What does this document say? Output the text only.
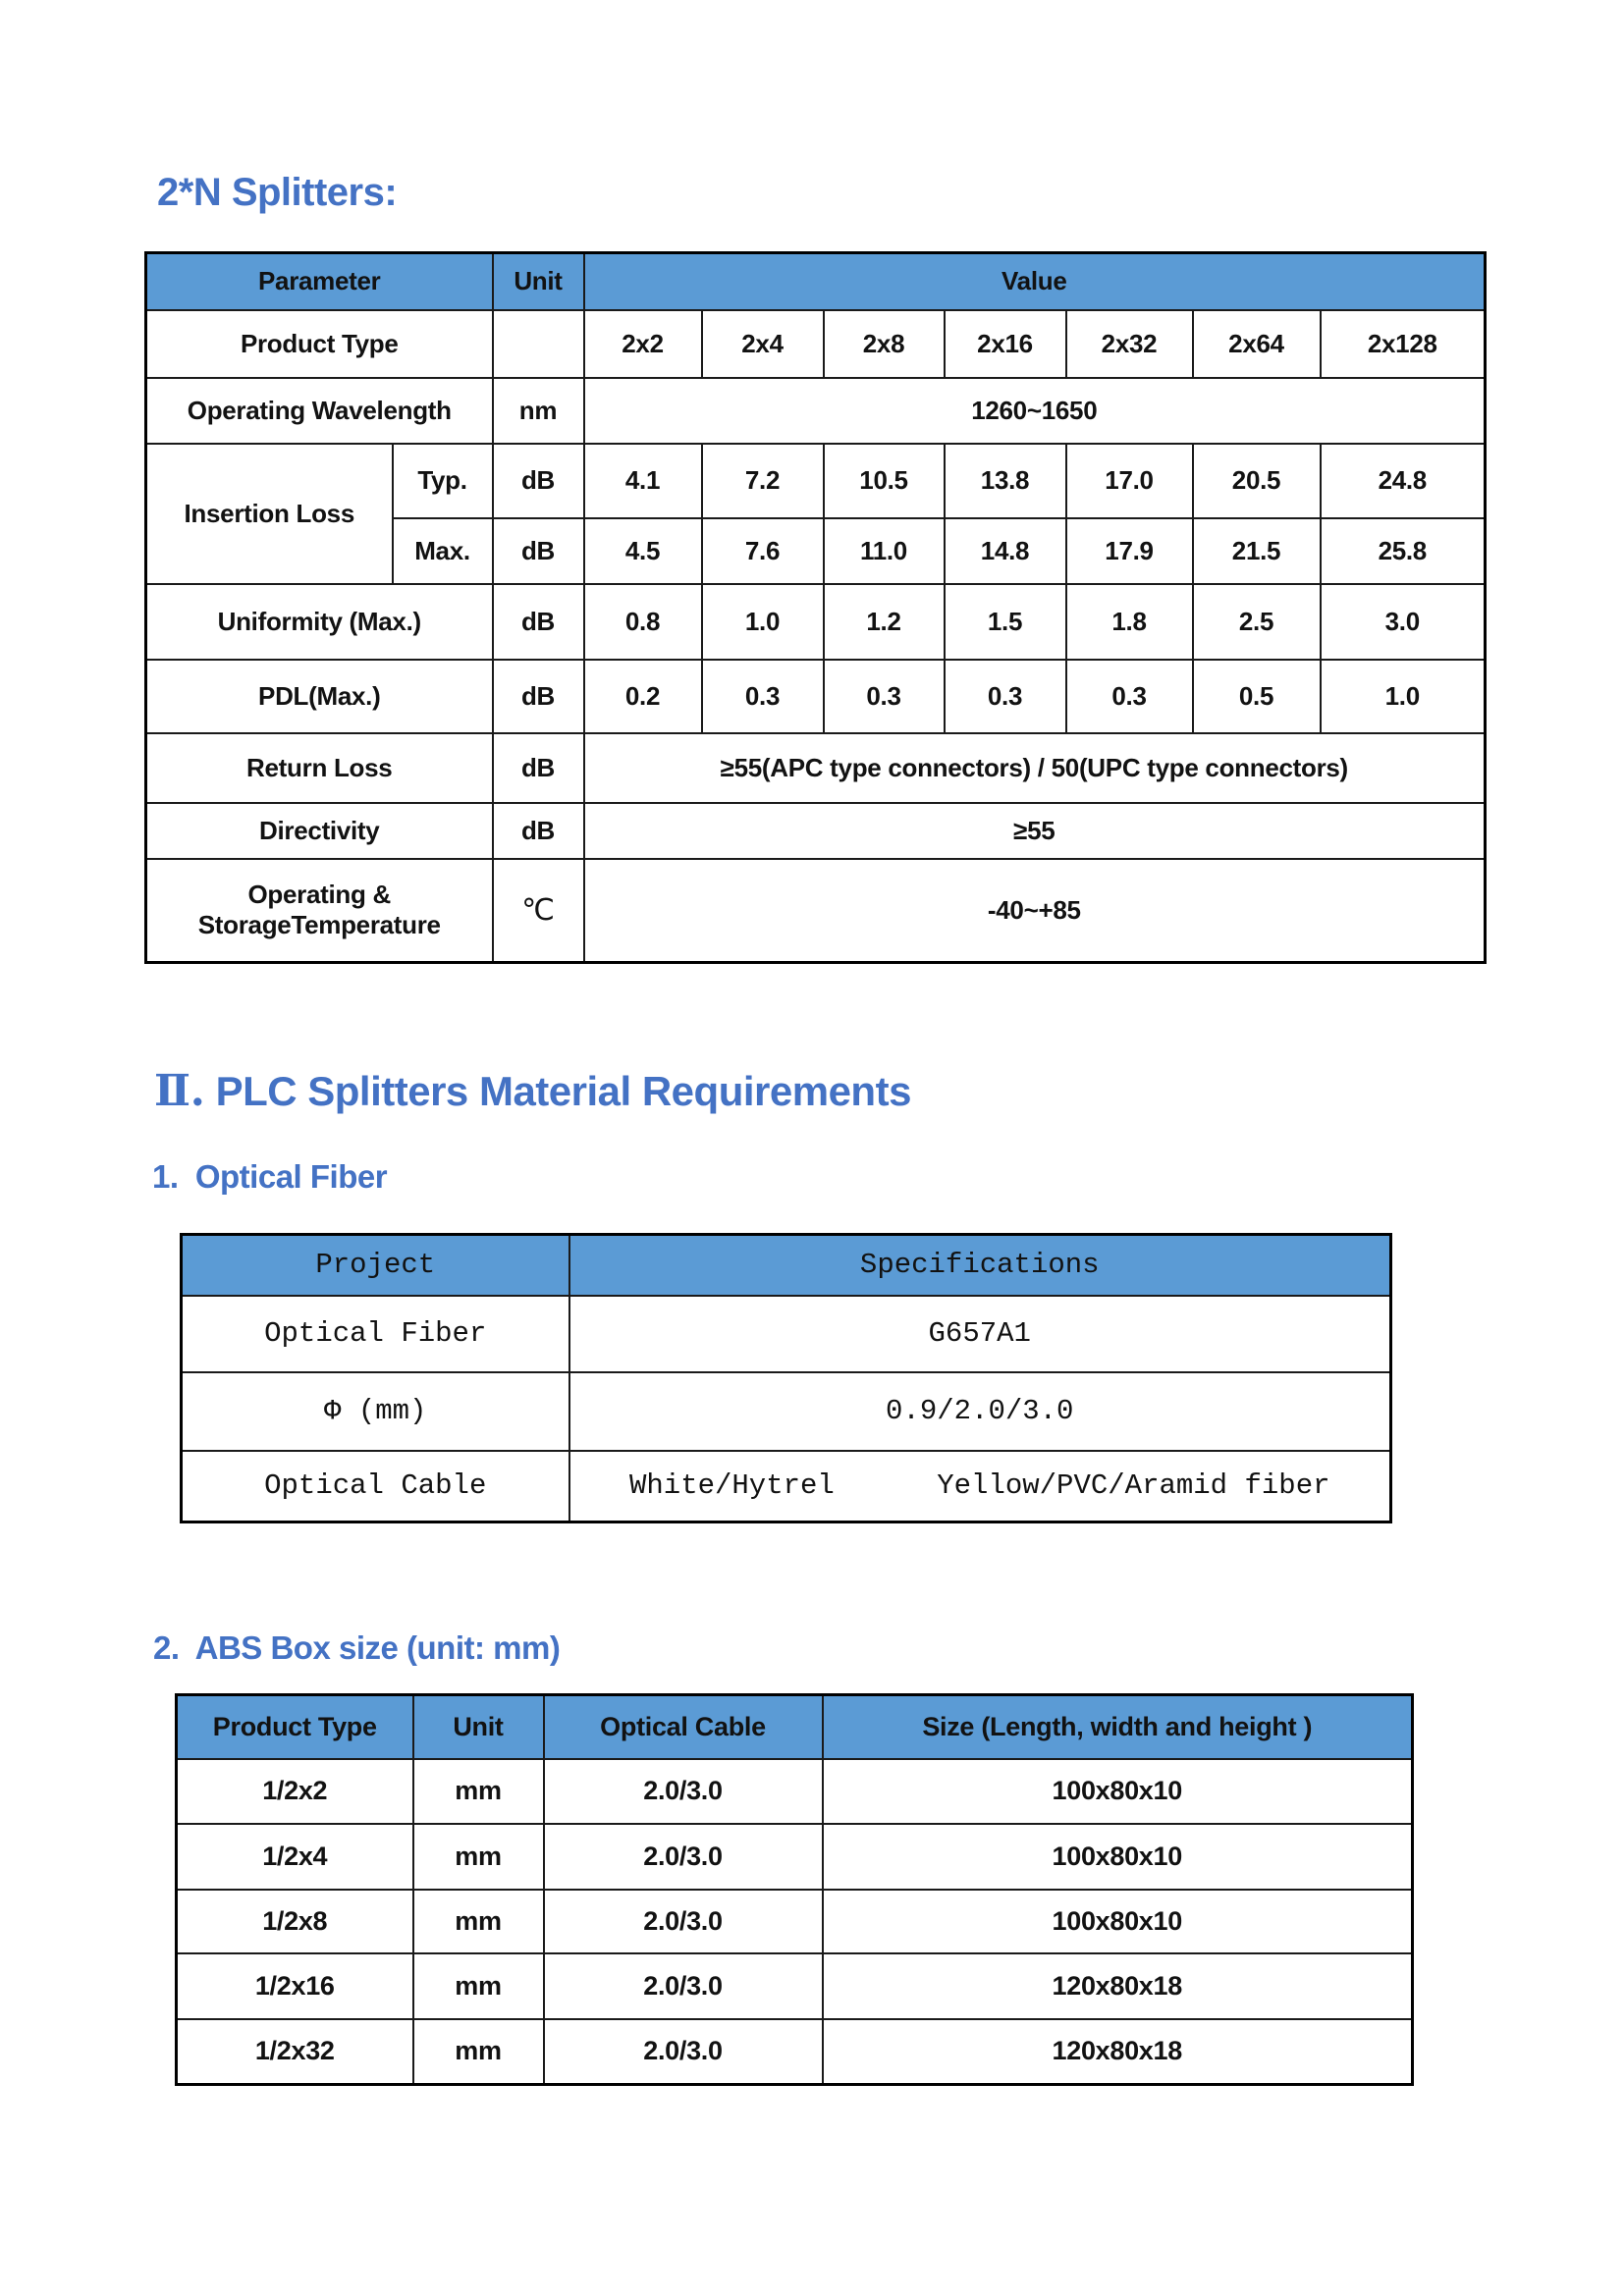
2*N Splitters:
Parameter		Unit	Value						
Product Type			2x2	2x4	2x8	2x16	2x32	2x64	2x128
Operating Wavelength		nm	1260~1650						
Insertion Loss	Typ.	dB	4.1	7.2	10.5	13.8	17.0	20.5	24.8
	Max.	dB	4.5	7.6	11.0	14.8	17.9	21.5	25.8
Uniformity (Max.)		dB	0.8	1.0	1.2	1.5	1.8	2.5	3.0
PDL(Max.)		dB	0.2	0.3	0.3	0.3	0.3	0.5	1.0
Return Loss		dB	≥55(APC type connectors) / 50(UPC type connectors)						
Directivity		dB	≥55						

Operating &
StorageTemperature		℃	-40~+85						
Ⅱ. PLC Splitters Material Requirements
1.  Optical Fiber
Project	Specifications
Optical Fiber	G657A1
Φ (mm)	0.9/2.0/3.0
Optical Cable	White/Hytrel      Yellow/PVC/Aramid fiber
2.  ABS Box size (unit: mm)
Product Type	Unit	Optical Cable	Size (Length, width and height )
1/2x2	mm	2.0/3.0	100x80x10
1/2x4	mm	2.0/3.0	100x80x10
1/2x8	mm	2.0/3.0	100x80x10
1/2x16	mm	2.0/3.0	120x80x18
1/2x32	mm	2.0/3.0	120x80x18
